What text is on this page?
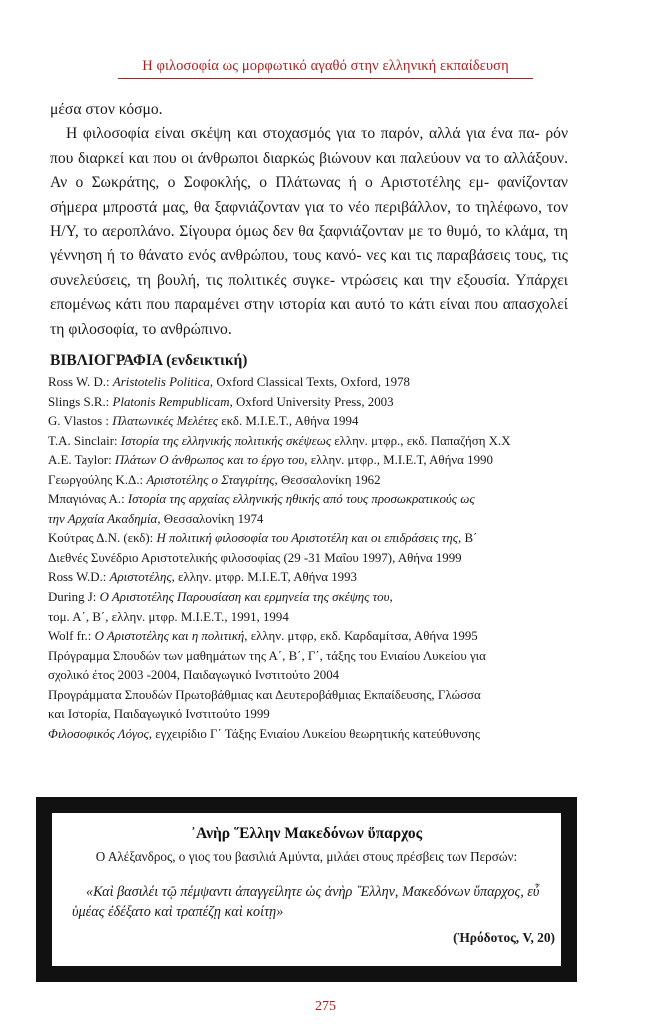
Η φιλοσοφία ως μορφωτικό αγαθό στην ελληνική εκπαίδευση

μέσα στον κόσμο.

Η φιλοσοφία είναι σκέψη και στοχασμός για το παρόν, αλλά για ένα πα- ρόν που διαρκεί και που οι άνθρωποι διαρκώς βιώνουν και παλεύουν να το αλλάξουν. Αν ο Σωκράτης, ο Σοφοκλής, ο Πλάτωνας ή ο Αριστοτέλης εμ- φανίζονταν σήμερα μπροστά μας, θα ξαφνιάζονταν για το νέο περιβάλλον, το τηλέφωνο, τον Η/Υ, το αεροπλάνο. Σίγουρα όμως δεν θα ξαφνιάζονταν με το θυμό, το κλάμα, τη γέννηση ή το θάνατο ενός ανθρώπου, τους κανό- νες και τις παραβάσεις τους, τις συνελεύσεις, τη βουλή, τις πολιτικές συγκε- ντρώσεις και την εξουσία. Υπάρχει επομένως κάτι που παραμένει στην ιστορία και αυτό το κάτι είναι που απασχολεί τη φιλοσοφία, το ανθρώπινο.

ΒΙΒΛΙΟΓΡΑΦΙΑ (ενδεικτική)
Ross W. D.: Aristotelis Politica, Oxford Classical Texts, Oxford, 1978
Slings S.R.: Platonis Rempublicam, Oxford University Press, 2003
G. Vlastos : Πλατωνικές Μελέτες εκδ. Μ.Ι.Ε.Τ., Αθήνα 1994
T.A. Sinclair: Ιστορία της ελληνικής πολιτικής σκέψεως ελλην. μτφρ., εκδ. Παπαζήση Χ.Χ
A.E. Taylor: Πλάτων Ο άνθρωπος και το έργο του, ελλην. μτφρ., Μ.Ι.Ε.Τ, Αθήνα 1990
Γεωργούλης Κ.Δ.: Αριστοτέλης ο Σταγιρίτης, Θεσσαλονίκη 1962
Μπαγιόνας Α.: Ιστορία της αρχαίας ελληνικής ηθικής από τους προσωκρατικούς ως
την Αρχαία Ακαδημία, Θεσσαλονίκη 1974
Κούτρας Δ.Ν. (εκδ): Η πολιτική φιλοσοφία του Αριστοτέλη και οι επιδράσεις της, Β΄
Διεθνές Συνέδριο Αριστοτελικής φιλοσοφίας (29 -31 Μαΐου 1997), Αθήνα 1999
Ross W.D.: Αριστοτέλης, ελλην. μτφρ. Μ.Ι.Ε.Τ, Αθήνα 1993
During J: Ο Αριστοτέλης Παρουσίαση και ερμηνεία της σκέψης του,
τομ. Α΄, Β΄, ελλην. μτφρ. Μ.Ι.Ε.Τ., 1991, 1994
Wolf fr.: Ο Αριστοτέλης και η πολιτική, ελλην. μτφρ, εκδ. Καρδαμίτσα, Αθήνα 1995
Πρόγραμμα Σπουδών των μαθημάτων της Α΄, Β΄, Γ΄, τάξης του Ενιαίου Λυκείου για
σχολικό έτος 2003 -2004, Παιδαγωγικό Ινστιτούτο 2004
Προγράμματα Σπουδών Πρωτοβάθμιας και Δευτεροβάθμιας Εκπαίδευσης, Γλώσσα
και Ιστορία, Παιδαγωγικό Ινστιτούτο 1999
Φιλοσοφικός Λόγος, εγχειρίδιο Γ΄ Τάξης Ενιαίου Λυκείου θεωρητικής κατεύθυνσης
᾿Ανὴρ ῞Ελλην Μακεδόνων ὕπαρχος
Ο Αλέξανδρος, ο γιος του βασιλιά Αμύντα, μιλάει στους πρέσβεις των Περσών:
«Καὶ βασιλέι τῷ πέμψαντι ἀπαγγείλητε ὡς ἀνὴρ ῞Ελλην, Μακεδόνων ὕπαρχος, εὖ ὑμέας ἐδέξατο καὶ τραπέζῃ καὶ κοίτῃ»
(Ἡρόδοτος, V, 20)
275
